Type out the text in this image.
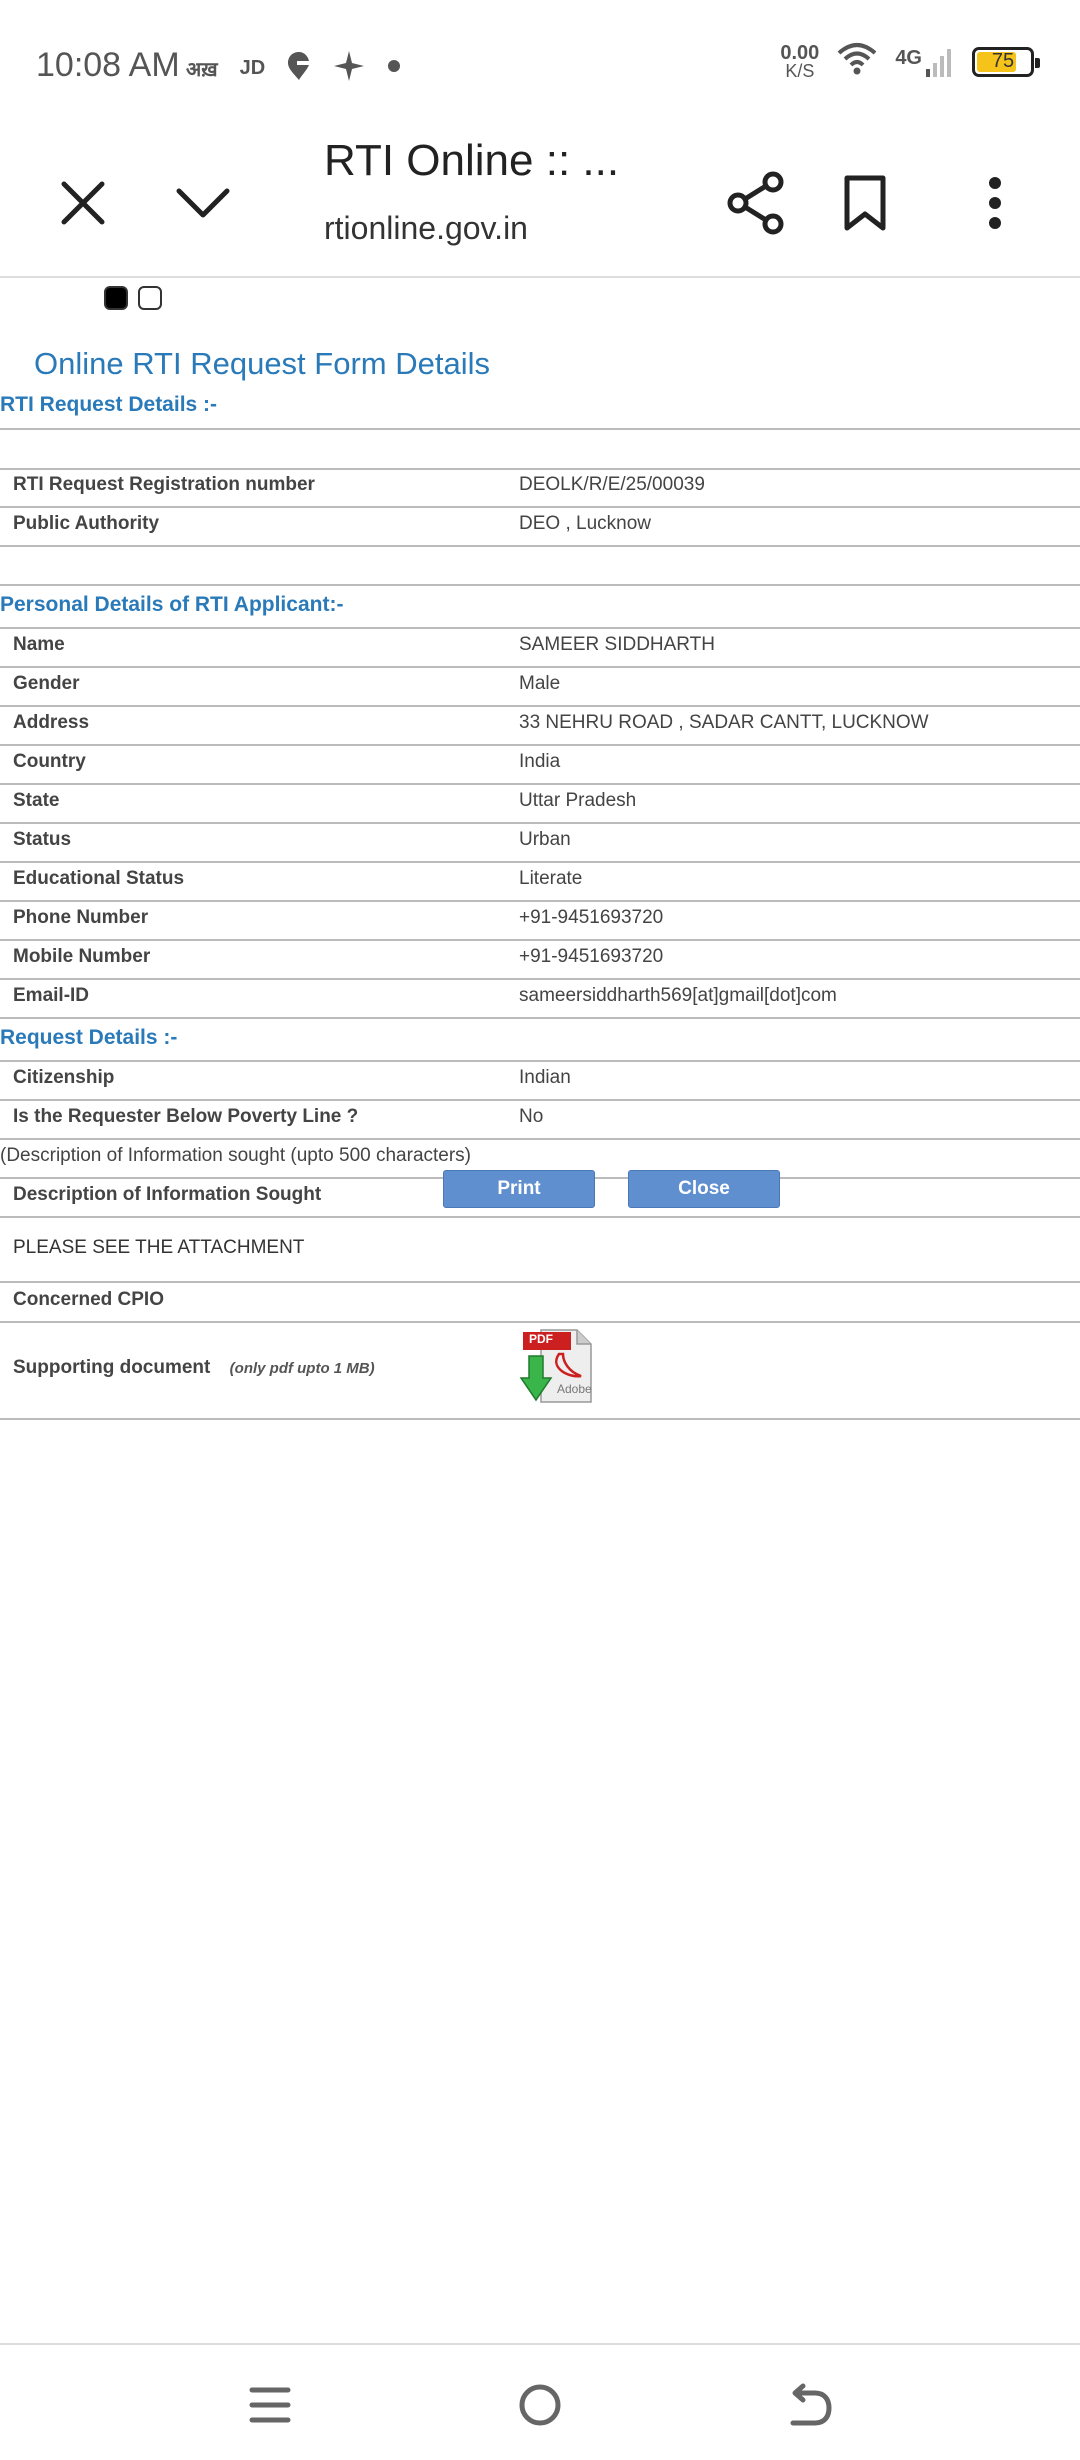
10:08 AM अख़ JD
0.00
K/S
4G	75
RTI Online :: ...
rtionline.gov.in
Online RTI Request Form Details
RTI Request Details :-
RTI Request Registration number	DEOLK/R/E/25/00039
Public Authority	DEO , Lucknow
Personal Details of RTI Applicant:-
Name	SAMEER SIDDHARTH
Gender	Male
Address	33 NEHRU ROAD , SADAR CANTT, LUCKNOW
Country	India
State	Uttar Pradesh
Status	Urban
Educational Status	Literate
Phone Number	+91-9451693720
Mobile Number	+91-9451693720
Email-ID	sameersiddharth569[at]gmail[dot]com
Request Details :-
Citizenship	Indian
Is the Requester Below Poverty Line ?	No
(Description of Information sought (upto 500 characters)
Description of Information Sought
PLEASE SEE THE ATTACHMENT
Concerned CPIO
Supporting document (only pdf upto 1 MB)
PDF
Adobe
Print	Close
